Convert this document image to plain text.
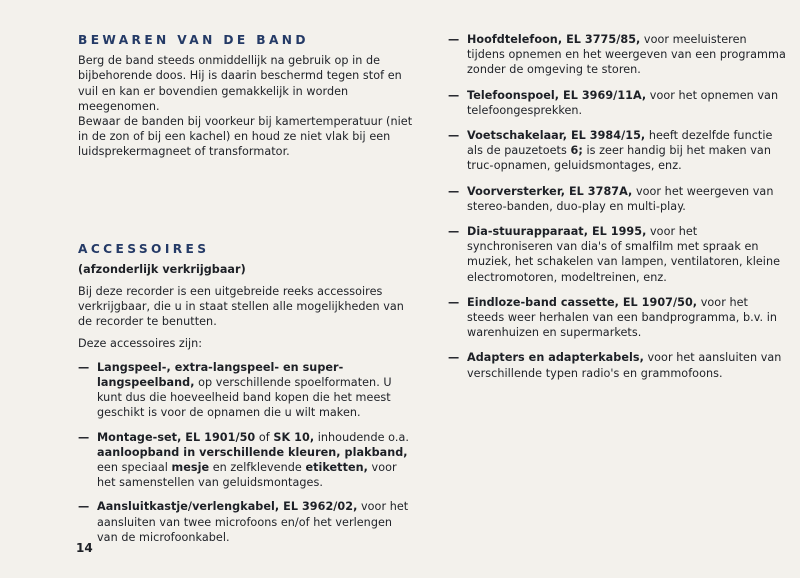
BEWAREN VAN DE BAND

Berg de band steeds onmiddellijk na gebruik op in de bijbehorende doos. Hij is daarin beschermd tegen stof en vuil en kan er bovendien gemakkelijk in worden meegenomen.

Bewaar de banden bij voorkeur bij kamertemperatuur (niet in de zon of bij een kachel) en houd ze niet vlak bij een luidsprekermagneet of transformator.

ACCESSOIRES

(afzonderlijk verkrijgbaar)

Bij deze recorder is een uitgebreide reeks accessoires verkrijgbaar, die u in staat stellen alle mogelijkheden van de recorder te benutten.

Deze accessoires zijn:

— Langspeel-, extra-langspeel- en super-langspeelband, op verschillende spoelformaten. U kunt dus die hoeveelheid band kopen die het meest geschikt is voor de opnamen die u wilt maken.
— Montage-set, EL 1901/50 of SK 10, inhoudende o.a. aanloopband in verschillende kleuren, plakband, een speciaal mesje en zelfklevende etiketten, voor het samenstellen van geluidsmontages.
— Aansluitkastje/verlengkabel, EL 3962/02, voor het aansluiten van twee microfoons en/of het verlengen van de microfoonkabel.
— Hoofdtelefoon, EL 3775/85, voor meeluisteren tijdens opnemen en het weergeven van een programma zonder de omgeving te storen.
— Telefoonspoel, EL 3969/11A, voor het opnemen van telefoongesprekken.
— Voetschakelaar, EL 3984/15, heeft dezelfde functie als de pauzetoets 6; is zeer handig bij het maken van truc-opnamen, geluidsmontages, enz.
— Voorversterker, EL 3787A, voor het weergeven van stereo-banden, duo-play en multi-play.
— Dia-stuurapparaat, EL 1995, voor het synchroniseren van dia's of smalfilm met spraak en muziek, het schakelen van lampen, ventilatoren, kleine electromotoren, modeltreinen, enz.
— Eindloze-band cassette, EL 1907/50, voor het steeds weer herhalen van een bandprogramma, b.v. in warenhuizen en supermarkets.
— Adapters en adapterkabels, voor het aansluiten van verschillende typen radio's en grammofoons.
14
